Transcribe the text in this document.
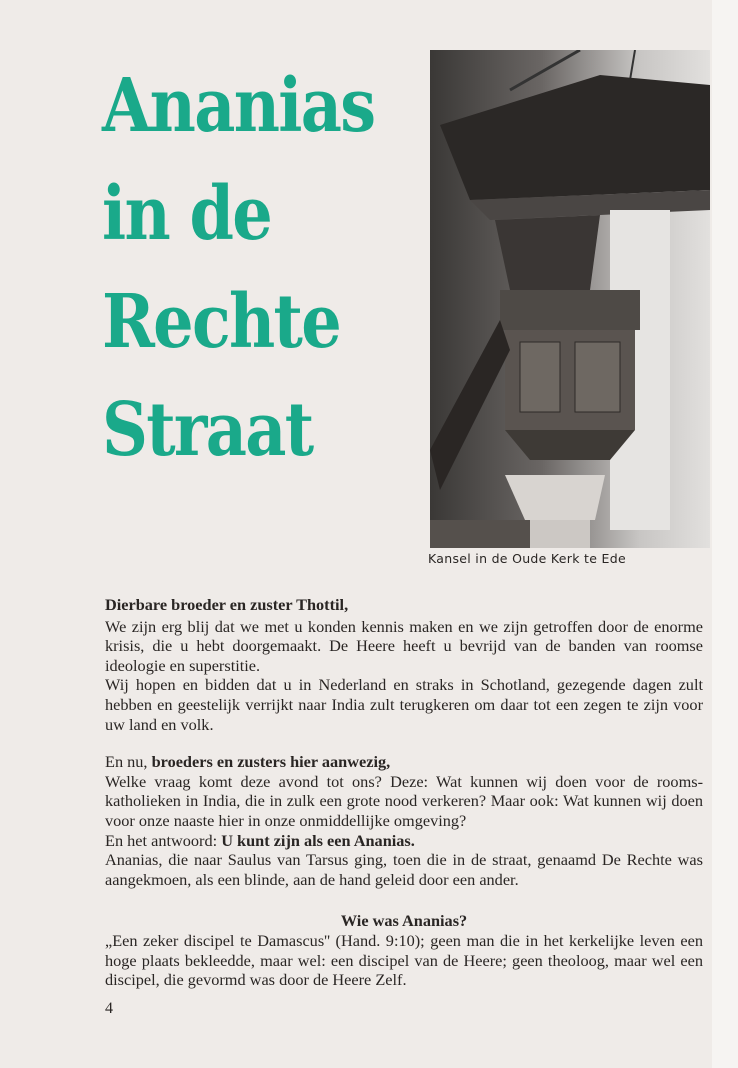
Ananias
in de
Rechte
Straat
Kansel in de Oude Kerk te Ede

Dierbare broeder en zuster Thottil,

We zijn erg blij dat we met u konden kennis maken en we zijn getroffen door de enorme krisis, die u hebt doorgemaakt. De Heere heeft u bevrijd van de banden van roomse ideologie en superstitie.

Wij hopen en bidden dat u in Nederland en straks in Schotland, gezegende dagen zult hebben en geestelijk verrijkt naar India zult terugkeren om daar tot een zegen te zijn voor uw land en volk.

En nu, broeders en zusters hier aanwezig,

Welke vraag komt deze avond tot ons? Deze: Wat kunnen wij doen voor de rooms-katholieken in India, die in zulk een grote nood verkeren? Maar ook: Wat kunnen wij doen voor onze naaste hier in onze onmiddellijke omgeving?

En het antwoord: U kunt zijn als een Ananias.

Ananias, die naar Saulus van Tarsus ging, toen die in de straat, genaamd De Rechte was aangekmoen, als een blinde, aan de hand geleid door een ander.

Wie was Ananias?

„Een zeker discipel te Damascus'' (Hand. 9:10); geen man die in het kerkelijke leven een hoge plaats bekleedde, maar wel: een discipel van de Heere; geen theoloog, maar wel een discipel, die gevormd was door de Heere Zelf.

4
